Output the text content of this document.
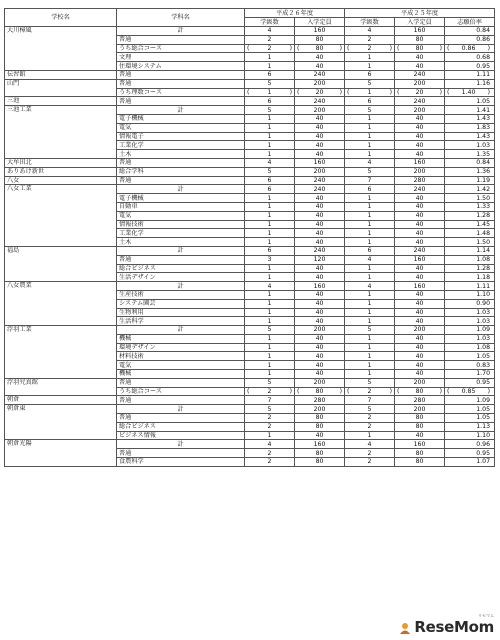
学校名	学科名	平成２６年度		平成２５年度		
		学級数	入学定員	学級数	入学定員	志願倍率
大川樟風	計	4	160	4	160	0.84
	普通	2	80	2	80	0.86
	うち総合コース	( 2 )	( 80 )	( 2 )	( 80 )	( 0.86 )

	文理	1	40	1	40	0.68
	住環境システム	1	40	1	40	0.95
伝習館	普通	6	240	6	240	1.11
山門	普通	5	200	5	200	1.16
	うち理数コース	( 1 )	( 20 )	( 1 )	( 20 )	( 1.40 )

三池	普通	6	240	6	240	1.05
三池工業	計	5	200	5	200	1.41
	電子機械	1	40	1	40	1.43
	電気	1	40	1	40	1.83
	情報電子	1	40	1	40	1.43
	工業化学	1	40	1	40	1.03
	土木	1	40	1	40	1.35
大牟田北	普通	4	160	4	160	0.84
ありあけ新世	総合学科	5	200	5	200	1.36
八女	普通	6	240	7	280	1.19
八女工業	計	6	240	6	240	1.42
	電子機械	1	40	1	40	1.50
	自動車	1	40	1	40	1.33
	電気	1	40	1	40	1.28
	情報技術	1	40	1	40	1.45
	工業化学	1	40	1	40	1.48
	土木	1	40	1	40	1.50
福島	計	6	240	6	240	1.14
	普通	3	120	4	160	1.08
	総合ビジネス	1	40	1	40	1.28
	生活デザイン	1	40	1	40	1.18
八女農業	計	4	160	4	160	1.11
	生産技術	1	40	1	40	1.10
	システム園芸	1	40	1	40	0.90
	生物利用	1	40	1	40	1.03
	生活科学	1	40	1	40	1.03
浮羽工業	計	5	200	5	200	1.09
	機械	1	40	1	40	1.03
	環境デザイン	1	40	1	40	1.08
	材料技術	1	40	1	40	1.05
	電気	1	40	1	40	0.83
	機械	1	40	1	40	1.70
浮羽究真館	普通	5	200	5	200	0.95
	うち総合コース	( 2 )	( 80 )	( 2 )	( 80 )	( 0.85 )

朝倉	普通	7	280	7	280	1.09
朝倉東	計	5	200	5	200	1.05
	普通	2	80	2	80	1.05
	総合ビジネス	2	80	2	80	1.13
	ビジネス情報	1	40	1	40	1.10
朝倉光陽	計	4	160	4	160	0.96
	普通	2	80	2	80	0.95
	食農科学	2	80	2	80	1.07
ReseMom
リセマム
